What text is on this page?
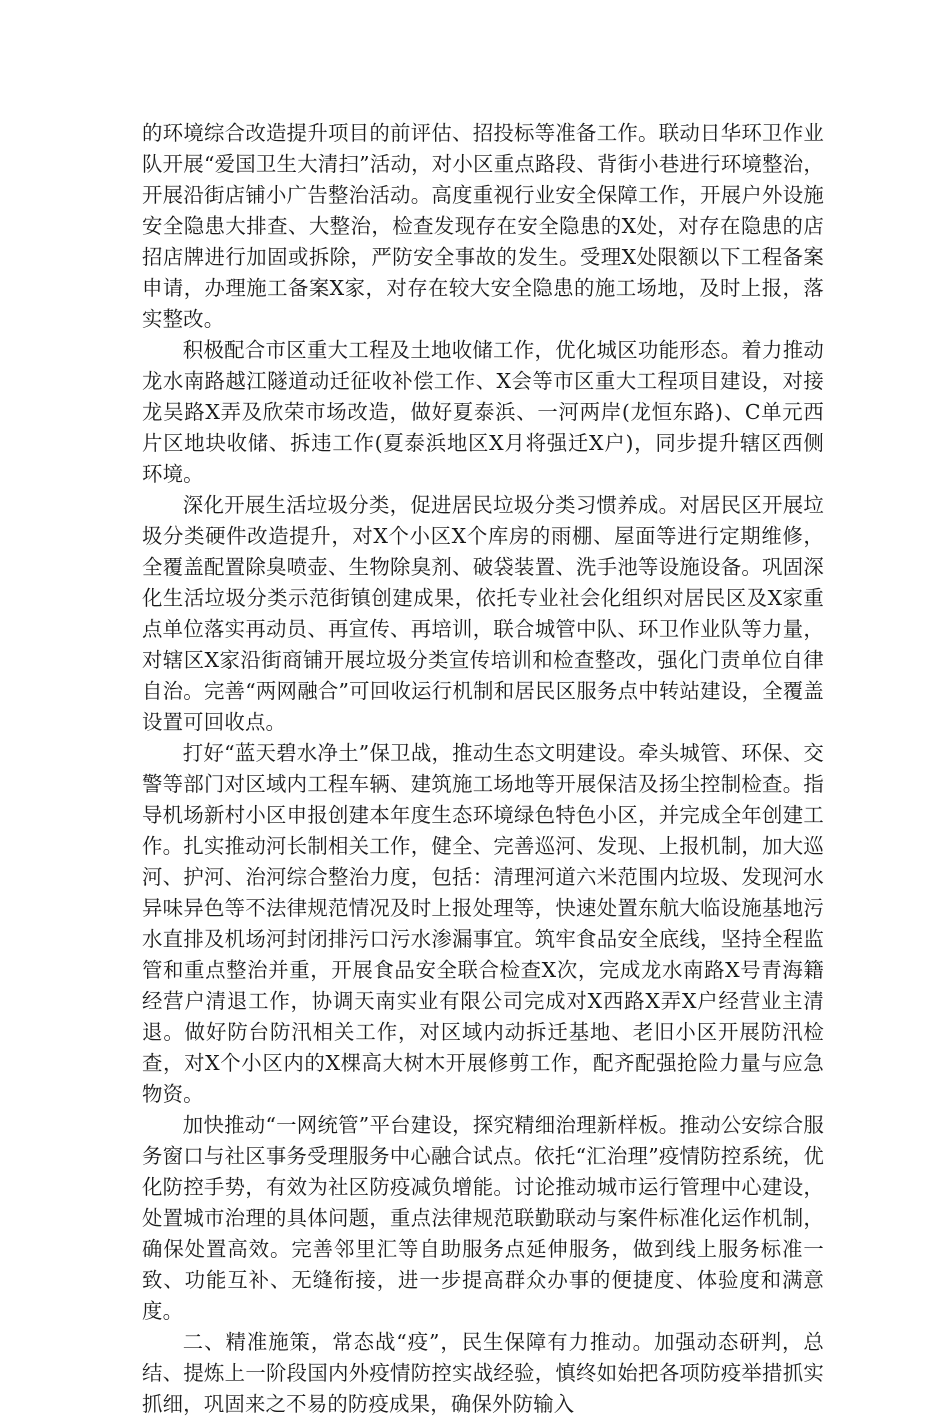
的环境综合改造提升项目的前评估、招投标等准备工作。联动日华环卫作业队开展“爱国卫生大清扫”活动，对小区重点路段、背街小巷进行环境整治，开展沿街店铺小广告整治活动。高度重视行业安全保障工作，开展户外设施安全隐患大排查、大整治，检查发现存在安全隐患的X处，对存在隐患的店招店牌进行加固或拆除，严防安全事故的发生。受理X处限额以下工程备案申请，办理施工备案X家，对存在较大安全隐患的施工场地，及时上报，落实整改。

积极配合市区重大工程及土地收储工作，优化城区功能形态。着力推动龙水南路越江隧道动迁征收补偿工作、X会等市区重大工程项目建设，对接龙吴路X弄及欣荣市场改造，做好夏泰浜、一河两岸(龙恒东路)、C单元西片区地块收储、拆违工作(夏泰浜地区X月将强迁X户)，同步提升辖区西侧环境。

深化开展生活垃圾分类，促进居民垃圾分类习惯养成。对居民区开展垃圾分类硬件改造提升，对X个小区X个库房的雨棚、屋面等进行定期维修，全覆盖配置除臭喷壶、生物除臭剂、破袋装置、洗手池等设施设备。巩固深化生活垃圾分类示范街镇创建成果，依托专业社会化组织对居民区及X家重点单位落实再动员、再宣传、再培训，联合城管中队、环卫作业队等力量，对辖区X家沿街商铺开展垃圾分类宣传培训和检查整改，强化门责单位自律自治。完善“两网融合”可回收运行机制和居民区服务点中转站建设，全覆盖设置可回收点。

打好“蓝天碧水净土”保卫战，推动生态文明建设。牵头城管、环保、交警等部门对区域内工程车辆、建筑施工场地等开展保洁及扬尘控制检查。指导机场新村小区申报创建本年度生态环境绿色特色小区，并完成全年创建工作。扎实推动河长制相关工作，健全、完善巡河、发现、上报机制，加大巡河、护河、治河综合整治力度，包括：清理河道六米范围内垃圾、发现河水异味异色等不法律规范情况及时上报处理等，快速处置东航大临设施基地污水直排及机场河封闭排污口污水渗漏事宜。筑牢食品安全底线，坚持全程监管和重点整治并重，开展食品安全联合检查X次，完成龙水南路X号青海籍经营户清退工作，协调天南实业有限公司完成对X西路X弄X户经营业主清退。做好防台防汛相关工作，对区域内动拆迁基地、老旧小区开展防汛检查，对X个小区内的X棵高大树木开展修剪工作，配齐配强抢险力量与应急物资。

加快推动“一网统管”平台建设，探究精细治理新样板。推动公安综合服务窗口与社区事务受理服务中心融合试点。依托“汇治理”疫情防控系统，优化防控手势，有效为社区防疫减负增能。讨论推动城市运行管理中心建设，处置城市治理的具体问题，重点法律规范联勤联动与案件标准化运作机制，确保处置高效。完善邻里汇等自助服务点延伸服务，做到线上服务标准一致、功能互补、无缝衔接，进一步提高群众办事的便捷度、体验度和满意度。

二、精准施策，常态战“疫”，民生保障有力推动。加强动态研判，总结、提炼上一阶段国内外疫情防控实战经验，慎终如始把各项防疫举措抓实抓细，巩固来之不易的防疫成果，确保外防输入
